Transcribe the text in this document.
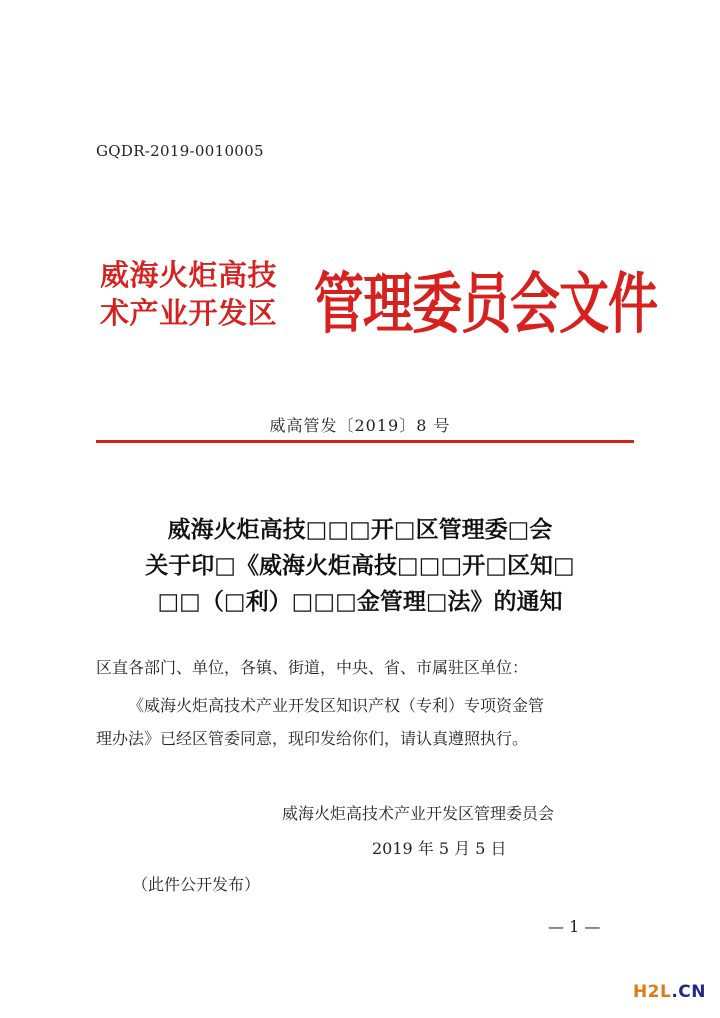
GQDR-2019-0010005
威海火炬高技
术产业开发区 管理委员会文件
威高管发〔2019〕8 号
威海火炬高技□□□开□区管理委□会
关于印□《威海火炬高技□□□开□区知□
□□（□利）□□□金管理□法》的通知
区直各部门、单位，各镇、街道，中央、省、市属驻区单位：
《威海火炬高技术产业开发区知识产权（专利）专项资金管
理办法》已经区管委同意，现印发给你们，请认真遵照执行。
威海火炬高技术产业开发区管理委员会
2019 年 5 月 5 日
（此件公开发布）
— 1 —
H2L.CN
